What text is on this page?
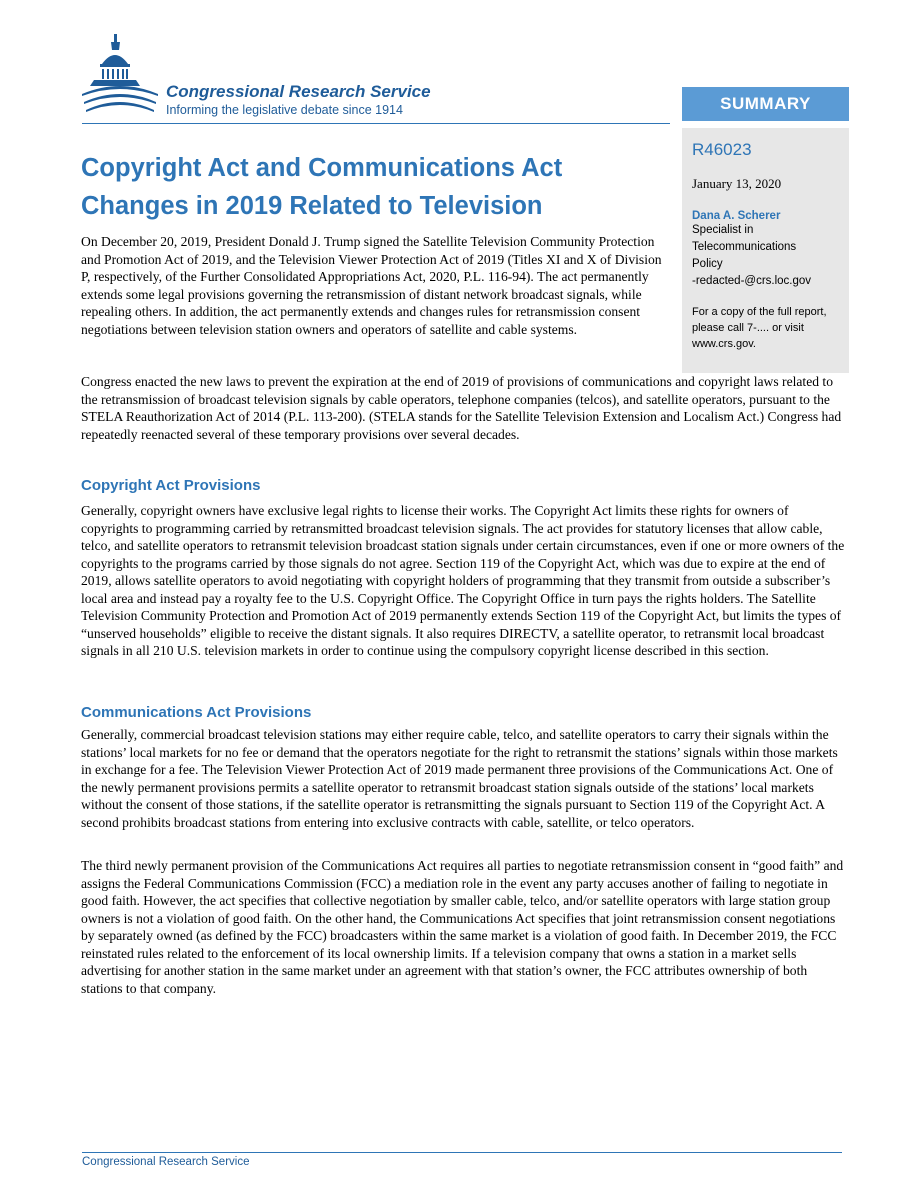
Congressional Research Service
Informing the legislative debate since 1914	SUMMARY

R46023

January 13, 2020

Dana A. Scherer

Specialist in

Telecommunications

Policy

-redacted-@crs.loc.gov

For a copy of the full report, please call 7-.... or visit www.crs.gov.

Copyright Act and Communications Act Changes in 2019 Related to Television

On December 20, 2019, President Donald J. Trump signed the Satellite Television Community Protection and Promotion Act of 2019, and the Television Viewer Protection Act of 2019 (Titles XI and X of Division P, respectively, of the Further Consolidated Appropriations Act, 2020, P.L. 116-94). The act permanently extends some legal provisions governing the retransmission of distant network broadcast signals, while repealing others. In addition, the act permanently extends and changes rules for retransmission consent negotiations between television station owners and operators of satellite and cable systems.

Congress enacted the new laws to prevent the expiration at the end of 2019 of provisions of communications and copyright laws related to the retransmission of broadcast television signals by cable operators, telephone companies (telcos), and satellite operators, pursuant to the STELA Reauthorization Act of 2014 (P.L. 113-200). (STELA stands for the Satellite Television Extension and Localism Act.) Congress had repeatedly reenacted several of these temporary provisions over several decades.

Copyright Act Provisions

Generally, copyright owners have exclusive legal rights to license their works. The Copyright Act limits these rights for owners of copyrights to programming carried by retransmitted broadcast television signals. The act provides for statutory licenses that allow cable, telco, and satellite operators to retransmit television broadcast station signals under certain circumstances, even if one or more owners of the copyrights to the programs carried by those signals do not agree. Section 119 of the Copyright Act, which was due to expire at the end of 2019, allows satellite operators to avoid negotiating with copyright holders of programming that they transmit from outside a subscriber’s local area and instead pay a royalty fee to the U.S. Copyright Office. The Copyright Office in turn pays the rights holders. The Satellite Television Community Protection and Promotion Act of 2019 permanently extends Section 119 of the Copyright Act, but limits the types of “unserved households” eligible to receive the distant signals. It also requires DIRECTV, a satellite operator, to retransmit local broadcast signals in all 210 U.S. television markets in order to continue using the compulsory copyright license described in this section.

Communications Act Provisions

Generally, commercial broadcast television stations may either require cable, telco, and satellite operators to carry their signals within the stations’ local markets for no fee or demand that the operators negotiate for the right to retransmit the stations’ signals within those markets in exchange for a fee. The Television Viewer Protection Act of 2019 made permanent three provisions of the Communications Act. One of the newly permanent provisions permits a satellite operator to retransmit broadcast station signals outside of the stations’ local markets without the consent of those stations, if the satellite operator is retransmitting the signals pursuant to Section 119 of the Copyright Act. A second prohibits broadcast stations from entering into exclusive contracts with cable, satellite, or telco operators.

The third newly permanent provision of the Communications Act requires all parties to negotiate retransmission consent in “good faith” and assigns the Federal Communications Commission (FCC) a mediation role in the event any party accuses another of failing to negotiate in good faith. However, the act specifies that collective negotiation by smaller cable, telco, and/or satellite operators with large station group owners is not a violation of good faith. On the other hand, the Communications Act specifies that joint retransmission consent negotiations by separately owned (as defined by the FCC) broadcasters within the same market is a violation of good faith. In December 2019, the FCC reinstated rules related to the enforcement of its local ownership limits. If a television company that owns a station in a market sells advertising for another station in the same market under an agreement with that station’s owner, the FCC attributes ownership of both stations to that company.

Congressional Research Service
